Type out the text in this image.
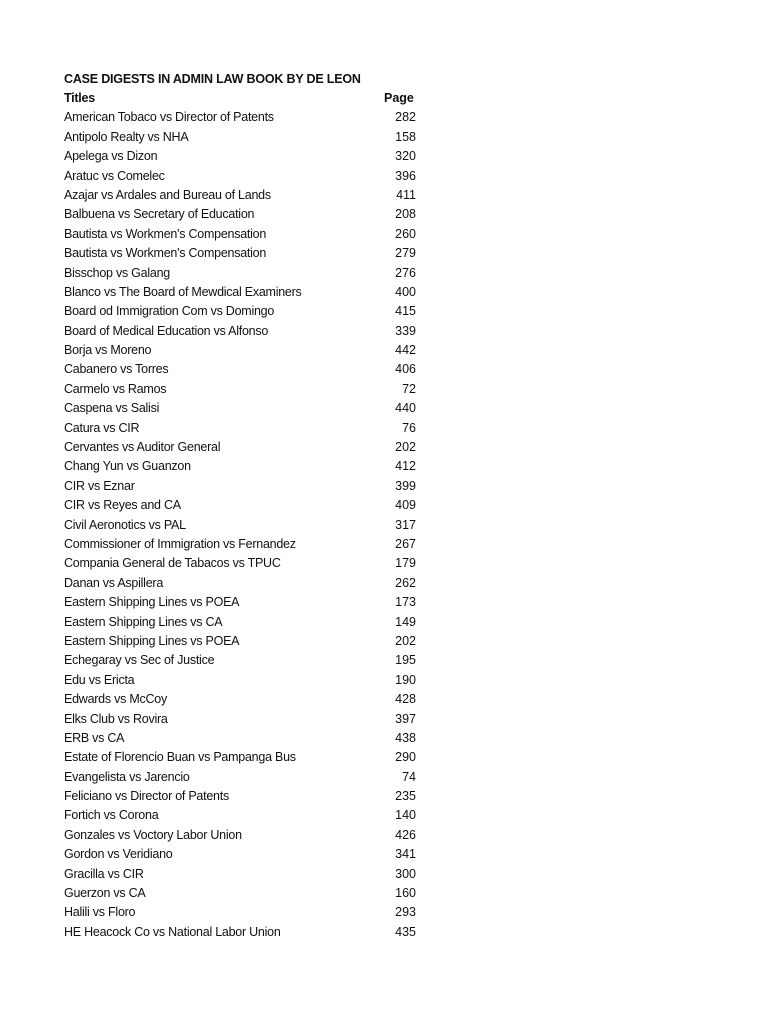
CASE DIGESTS IN ADMIN LAW BOOK BY DE LEON
Titles	Page
American Tobaco vs Director of Patents	282
Antipolo Realty vs NHA	158
Apelega vs Dizon	320
Aratuc vs Comelec	396
Azajar vs Ardales and Bureau of Lands	411
Balbuena vs Secretary of Education	208
Bautista vs Workmen's Compensation	260
Bautista vs Workmen's Compensation	279
Bisschop vs Galang	276
Blanco vs The Board of Mewdical Examiners	400
Board od Immigration Com vs Domingo	415
Board of Medical Education vs Alfonso	339
Borja vs Moreno	442
Cabanero vs Torres	406
Carmelo vs Ramos	72
Caspena vs Salisi	440
Catura vs CIR	76
Cervantes vs Auditor General	202
Chang Yun vs Guanzon	412
CIR vs Eznar	399
CIR vs Reyes and CA	409
Civil Aeronotics vs PAL	317
Commissioner of Immigration vs Fernandez	267
Compania General de Tabacos vs TPUC	179
Danan vs Aspillera	262
Eastern Shipping Lines vs POEA	173
Eastern Shipping Lines vs CA	149
Eastern Shipping Lines vs POEA	202
Echegaray vs Sec of Justice	195
Edu vs Ericta	190
Edwards vs McCoy	428
Elks Club vs Rovira	397
ERB vs CA	438
Estate of Florencio Buan vs Pampanga Bus	290
Evangelista vs Jarencio	74
Feliciano vs Director of Patents	235
Fortich vs Corona	140
Gonzales vs Voctory Labor Union	426
Gordon vs Veridiano	341
Gracilla vs CIR	300
Guerzon vs CA	160
Halili vs Floro	293
HE Heacock Co vs National Labor Union	435
